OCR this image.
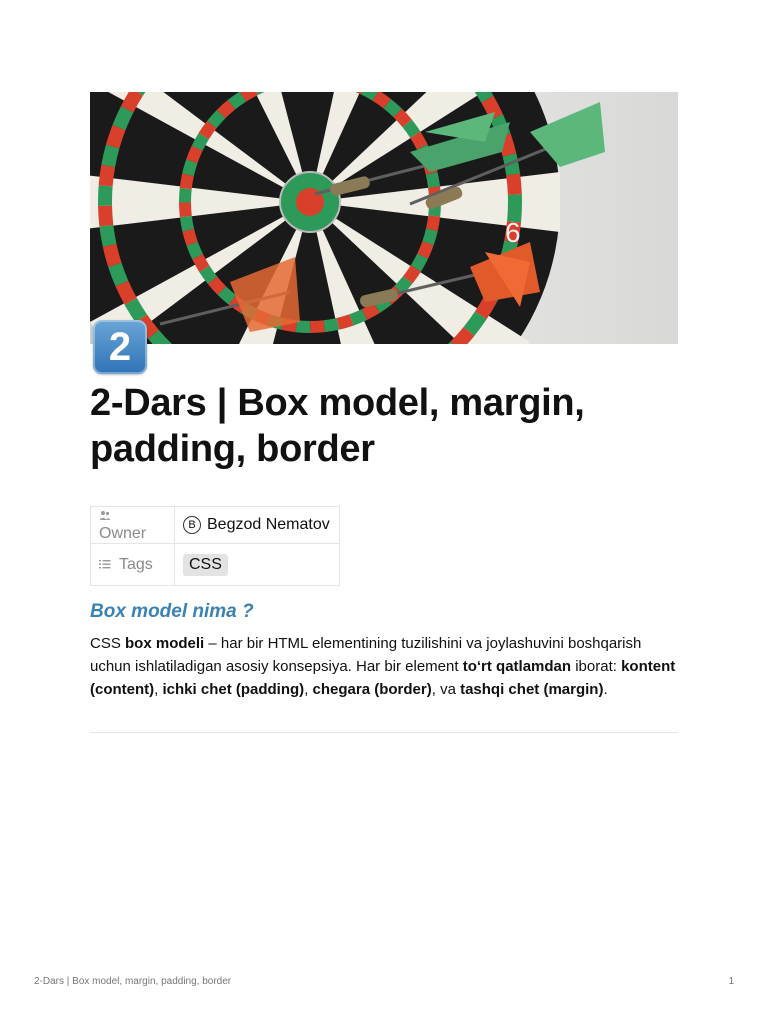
6
2
2-Dars | Box model, margin, padding, border
Owner	B Begzod Nematov
Tags	CSS
Box model nima ?

CSS box modeli – har bir HTML elementining tuzilishini va joylashuvini boshqarish uchun ishlatiladigan asosiy konsepsiya. Har bir element to‘rt qatlamdan iborat: kontent (content), ichki chet (padding), chegara (border), va tashqi chet (margin).

2-Dars | Box model, margin, padding, border	1
